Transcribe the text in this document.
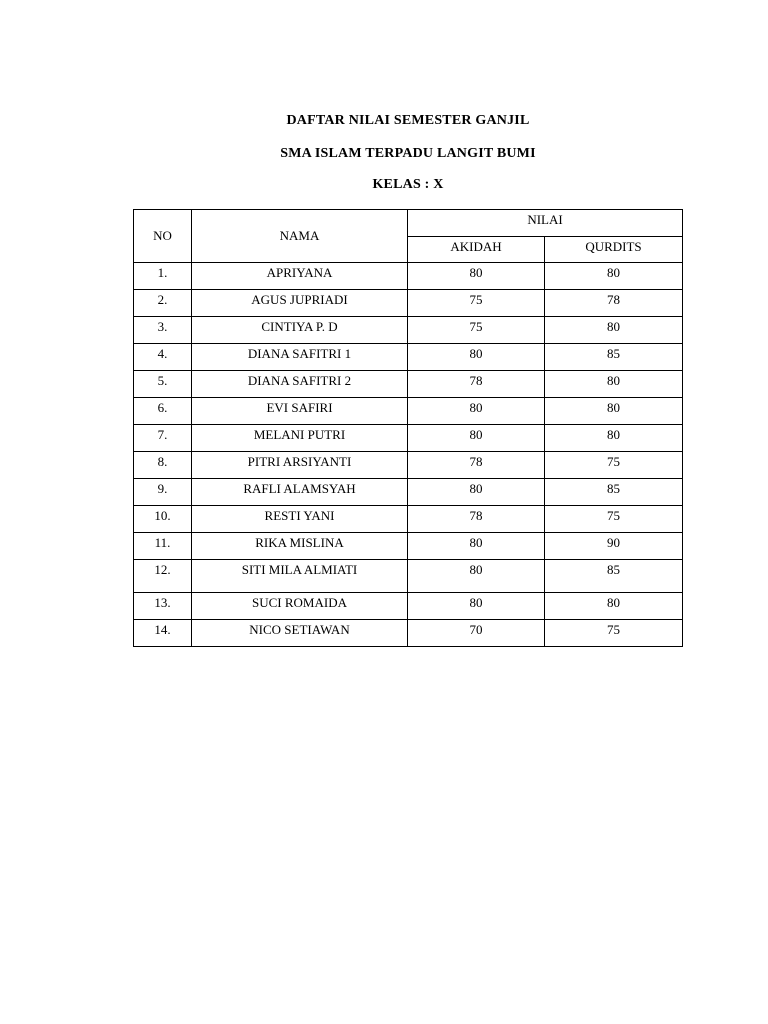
DAFTAR NILAI SEMESTER GANJIL
SMA ISLAM TERPADU LANGIT BUMI
KELAS : X
NO	NAMA	NILAI	
		AKIDAH	QURDITS
1.	APRIYANA	80	80
2.	AGUS JUPRIADI	75	78
3.	CINTIYA P. D	75	80
4.	DIANA SAFITRI 1	80	85
5.	DIANA SAFITRI 2	78	80
6.	EVI SAFIRI	80	80
7.	MELANI PUTRI	80	80
8.	PITRI ARSIYANTI	78	75
9.	RAFLI ALAMSYAH	80	85
10.	RESTI YANI	78	75
11.	RIKA MISLINA	80	90
12.	SITI MILA ALMIATI	80	85
13.	SUCI ROMAIDA	80	80
14.	NICO SETIAWAN	70	75
